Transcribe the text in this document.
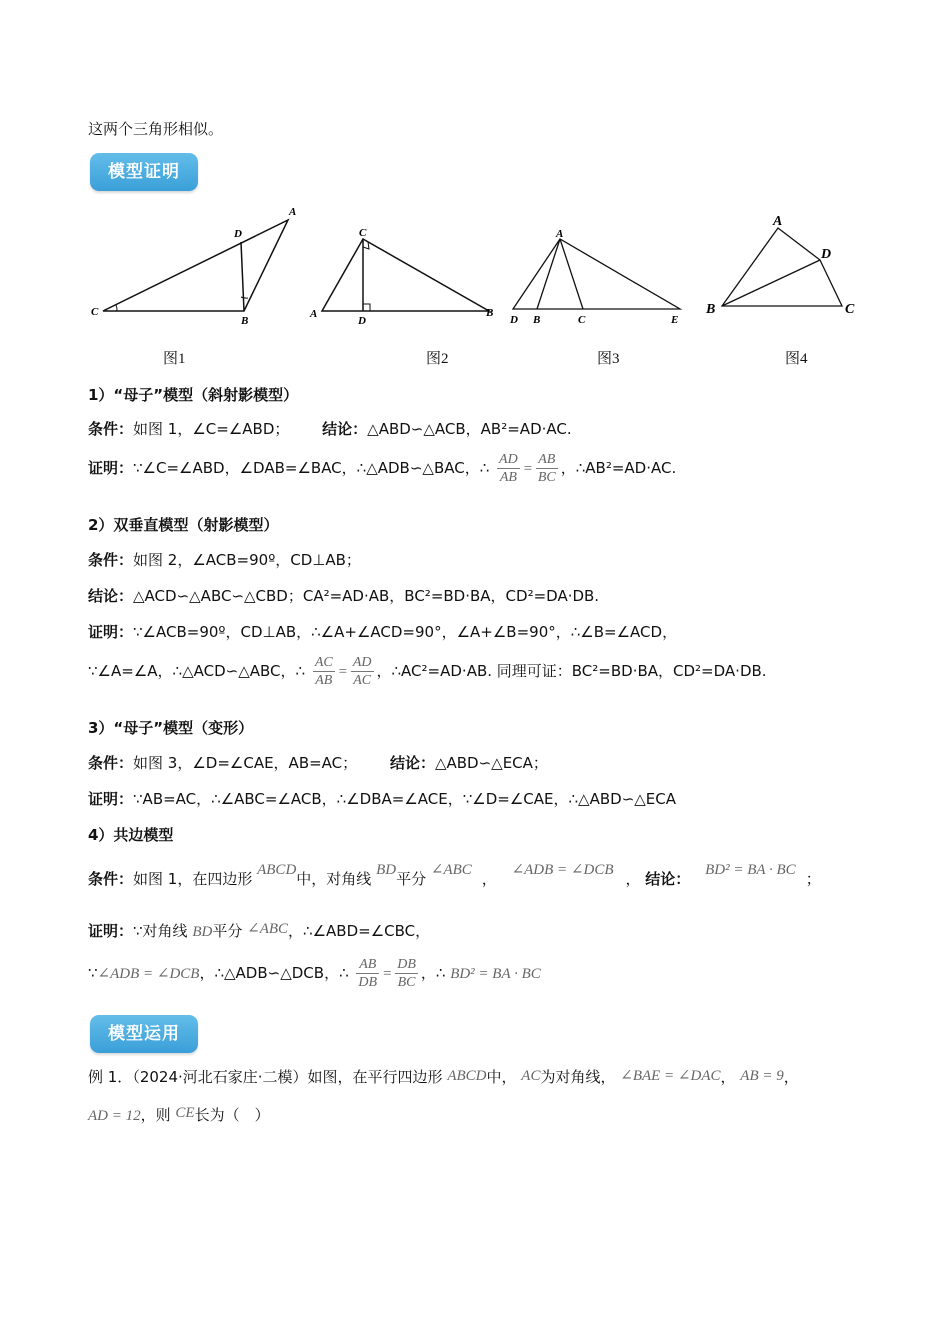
这两个三角形相似。
模型证明
A
D
C
B
C
A
D
B
A
D B	C	E
A
D
B	C
图1	图2	图3	图4
1）“母子”模型（斜射影模型）
条件：如图 1，∠C=∠ABD； 结论：△ABD∽△ACB，AB²=AD·AC.
证明：∵∠C=∠ABD，∠DAB=∠BAC，∴△ADB∽△BAC，∴ $\frac{AD}{AB} = \frac{AB}{BC}$ ，∴AB²=AD·AC.
2）双垂直模型（射影模型）
条件：如图 2，∠ACB=90º，CD⊥AB；
结论：△ACD∽△ABC∽△CBD；CA²=AD·AB，BC²=BD·BA，CD²=DA·DB.
证明：∵∠ACB=90º，CD⊥AB，∴∠A+∠ACD=90°，∠A+∠B=90°，∴∠B=∠ACD，
∵∠A=∠A，∴△ACD∽△ABC，∴ $\frac{AC}{AB} = \frac{AD}{AC}$ ，∴AC²=AD·AB. 同理可证：BC²=BD·BA，CD²=DA·DB.
3）“母子”模型（变形）
条件：如图 3，∠D=∠CAE，AB=AC； 结论：△ABD∽△ECA；
证明：∵AB=AC，∴∠ABC=∠ACB，∴∠DBA=∠ACE，∵∠D=∠CAE，∴△ABD∽△ECA
4）共边模型
条件：如图 1，在四边形 ABCD中，对角线 BD平分 ∠ABC ， ∠ADB = ∠DCB ， 结论： BD² = BA · BC ；
证明：∵对角线 BD平分 ∠ABC，∴∠ABD=∠CBC，
∵∠ADB = ∠DCB，∴△ADB∽△DCB，∴ $\frac{AB}{DB} = \frac{DB}{BC}$ ，∴ BD² = BA · BC
模型运用
例 1．（2024·河北石家庄·二模）如图，在平行四边形 ABCD中， AC为对角线， ∠BAE = ∠DAC， AB = 9，
AD = 12，则 CE长为（　）
